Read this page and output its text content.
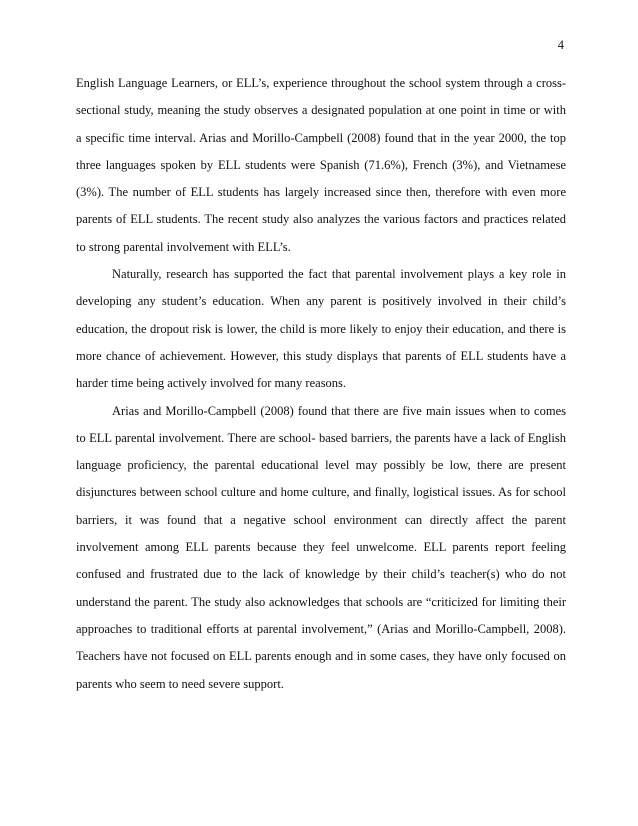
4
English Language Learners, or ELL’s, experience throughout the school system through a cross-
sectional study, meaning the study observes a designated population at one point in time or with
a specific time interval. Arias and Morillo-Campbell (2008) found that in the year 2000, the top
three languages spoken by ELL students were Spanish (71.6%), French (3%), and Vietnamese
(3%). The number of ELL students has largely increased since then, therefore with even more
parents of ELL students. The recent study also analyzes the various factors and practices related
to strong parental involvement with ELL’s.
Naturally, research has supported the fact that parental involvement plays a key role in
developing any student’s education. When any parent is positively involved in their child’s
education, the dropout risk is lower, the child is more likely to enjoy their education, and there is
more chance of achievement. However, this study displays that parents of ELL students have a
harder time being actively involved for many reasons.
Arias and Morillo-Campbell (2008) found that there are five main issues when to comes
to ELL parental involvement. There are school- based barriers, the parents have a lack of English
language proficiency, the parental educational level may possibly be low, there are present
disjunctures between school culture and home culture, and finally, logistical issues. As for school
barriers, it was found that a negative school environment can directly affect the parent
involvement among ELL parents because they feel unwelcome. ELL parents report feeling
confused and frustrated due to the lack of knowledge by their child’s teacher(s) who do not
understand the parent. The study also acknowledges that schools are “criticized for limiting their
approaches to traditional efforts at parental involvement,” (Arias and Morillo-Campbell, 2008).
Teachers have not focused on ELL parents enough and in some cases, they have only focused on
parents who seem to need severe support.
